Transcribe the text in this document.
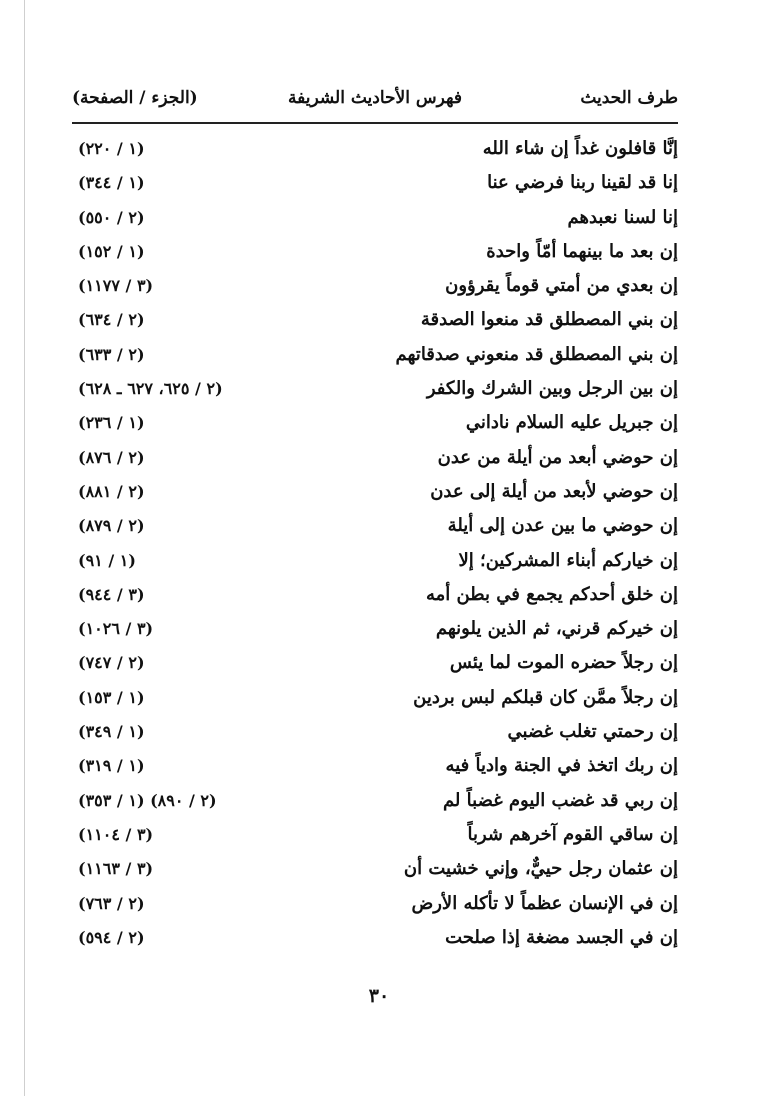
طرف الحديث
فهرس الأحاديث الشريفة
(الجزء / الصفحة)
إنَّا قافلون غداً إن شاء الله
(١ / ٢٢٠)
إنا قد لقينا ربنا فرضي عنا
(١ / ٣٤٤)
إنا لسنا نعبدهم
(٢ / ٥٥٠)
إن بعد ما بينهما أمّاً واحدة
(١ / ١٥٢)
إن بعدي من أمتي قوماً يقرؤون
(٣ / ١١٧٧)
إن بني المصطلق قد منعوا الصدقة
(٢ / ٦٣٤)
إن بني المصطلق قد منعوني صدقاتهم
(٢ / ٦٣٣)
إن بين الرجل وبين الشرك والكفر
(٢ / ٦٢٥، ٦٢٧ ـ ٦٢٨)
إن جبريل عليه السلام ناداني
(١ / ٢٣٦)
إن حوضي أبعد من أيلة من عدن
(٢ / ٨٧٦)
إن حوضي لأبعد من أيلة إلى عدن
(٢ / ٨٨١)
إن حوضي ما بين عدن إلى أيلة
(٢ / ٨٧٩)
إن خياركم أبناء المشركين؛ إلا
(١ / ٩١)
إن خلق أحدكم يجمع في بطن أمه
(٣ / ٩٤٤)
إن خيركم قرني، ثم الذين يلونهم
(٣ / ١٠٢٦)
إن رجلاً حضره الموت لما يئس
(٢ / ٧٤٧)
إن رجلاً ممَّن كان قبلكم لبس بردين
(١ / ١٥٣)
إن رحمتي تغلب غضبي
(١ / ٣٤٩)
إن ربك اتخذ في الجنة وادياً فيه
(١ / ٣١٩)
إن ربي قد غضب اليوم غضباً لم
(١ / ٣٥٣) (٢ / ٨٩٠)
إن ساقي القوم آخرهم شرباً
(٣ / ١١٠٤)
إن عثمان رجل حييٌّ، وإني خشيت أن
(٣ / ١١٦٣)
إن في الإنسان عظماً لا تأكله الأرض
(٢ / ٧٦٣)
إن في الجسد مضغة إذا صلحت
(٢ / ٥٩٤)
٣٠
